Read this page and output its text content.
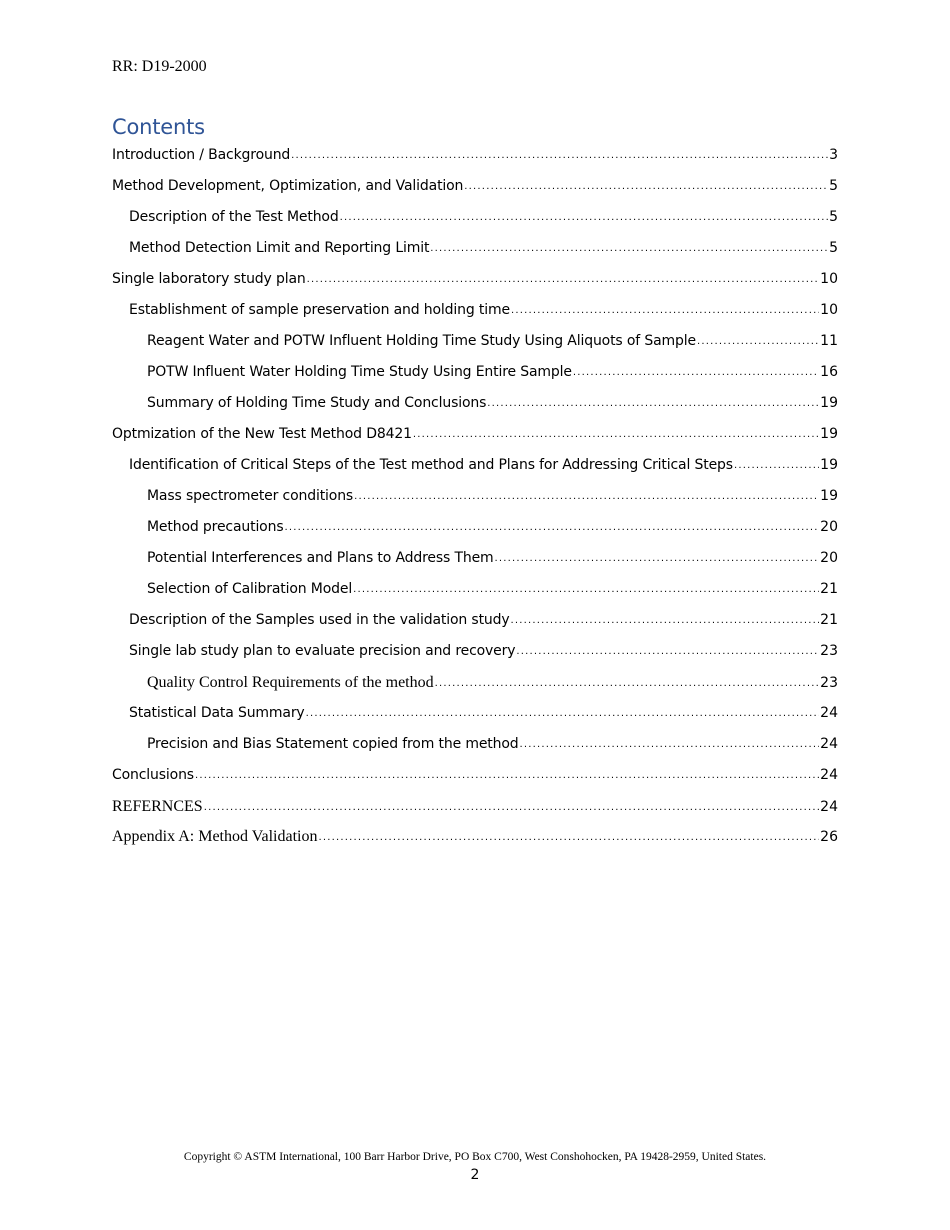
RR: D19-2000
Contents
Introduction / Background .....	3
Method Development, Optimization, and Validation .....	5
Description of the Test Method .....	5
Method Detection Limit and Reporting Limit .....	5
Single laboratory study plan .....	10
Establishment of sample preservation and holding time .....	10
Reagent Water and POTW Influent Holding Time Study Using Aliquots of Sample .....	11
POTW Influent Water Holding Time Study Using Entire Sample .....	16
Summary of Holding Time Study and Conclusions .....	19
Optmization of the New Test Method D8421 .....	19
Identification of Critical Steps of the Test method and Plans for Addressing Critical Steps .....	19
Mass spectrometer conditions .....	19
Method precautions .....	20
Potential Interferences and Plans to Address Them .....	20
Selection of Calibration Model .....	21
Description of the Samples used in the validation study .....	21
Single lab study plan to evaluate precision and recovery .....	23
Quality Control Requirements of the method .....	23
Statistical Data Summary .....	24
Precision and Bias Statement copied from the method .....	24
Conclusions .....	24
REFERNCES .....	24
Appendix A: Method Validation .....	26
Copyright © ASTM International, 100 Barr Harbor Drive, PO Box C700, West Conshohocken, PA 19428-2959, United States.
2
